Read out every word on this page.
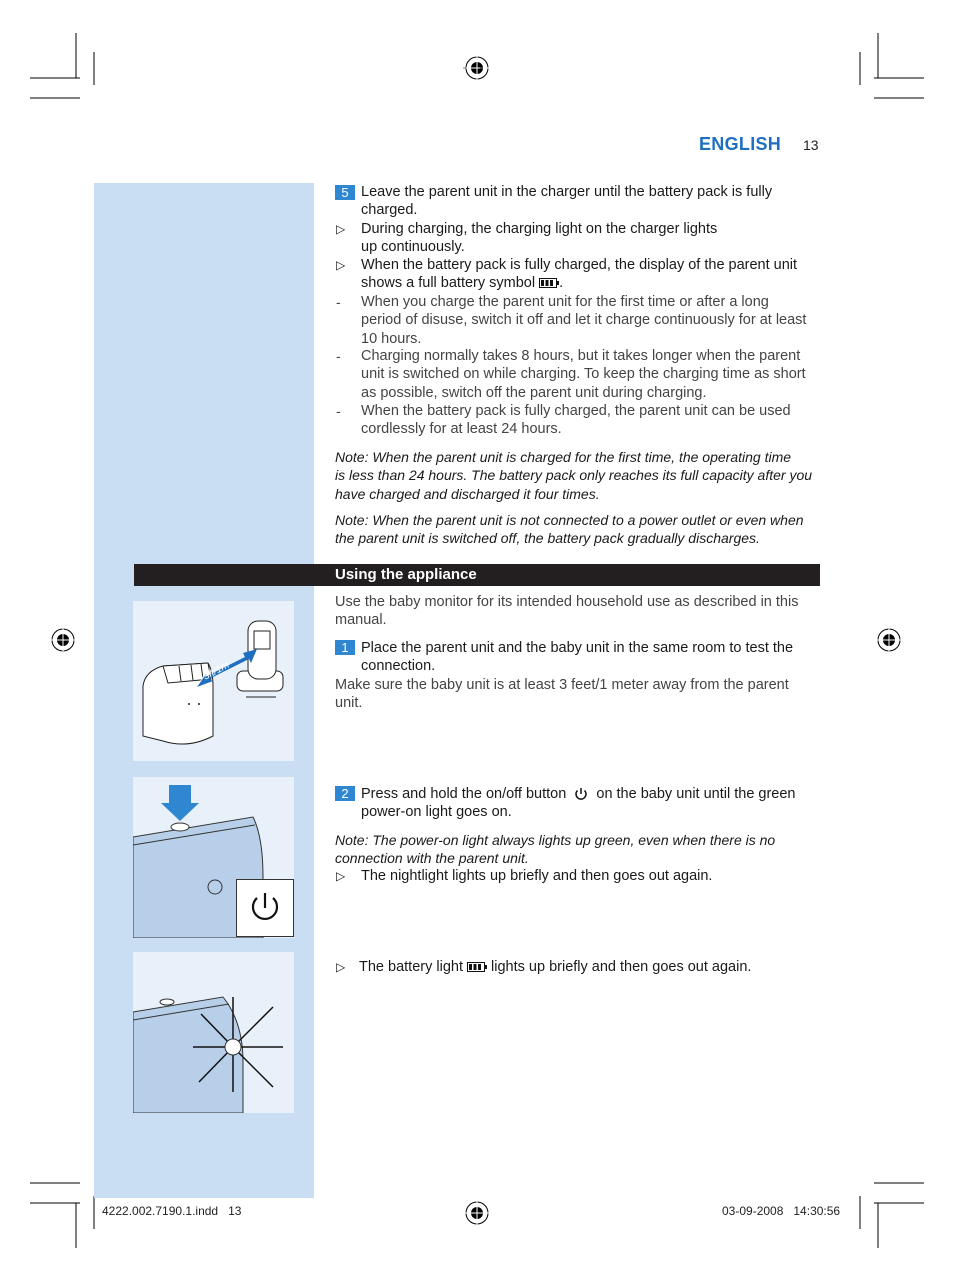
ENGLISH 13
5 Leave the parent unit in the charger until the battery pack is fully
charged.
▷ During charging, the charging light on the charger lights
up continuously.
▷ When the battery pack is fully charged, the display of the parent unit
shows a full battery symbol .
- When you charge the parent unit for the first time or after a long
period of disuse, switch it off and let it charge continuously for at least
10 hours.
- Charging normally takes 8 hours, but it takes longer when the parent
unit is switched on while charging. To keep the charging time as short
as possible, switch off the parent unit during charging.
- When the battery pack is fully charged, the parent unit can be used
cordlessly for at least 24 hours.
Note: When the parent unit is charged for the first time, the operating time
is less than 24 hours. The battery pack only reaches its full capacity after you
have charged and discharged it four times.
Note: When the parent unit is not connected to a power outlet or even when
the parent unit is switched off, the battery pack gradually discharges.
Using the appliance
Use the baby monitor for its intended household use as described in this
manual.
>3ft/1m
1 Place the parent unit and the baby unit in the same room to test the
connection.
Make sure the baby unit is at least 3 feet/1 meter away from the parent
unit.
2 Press and hold the on/off button on the baby unit until the green
power-on light goes on.
Note: The power-on light always lights up green, even when there is no
connection with the parent unit.
▷ The nightlight lights up briefly and then goes out again.
▷ The battery light lights up briefly and then goes out again.
4222.002.7190.1.indd   13	03-09-2008   14:30:56
